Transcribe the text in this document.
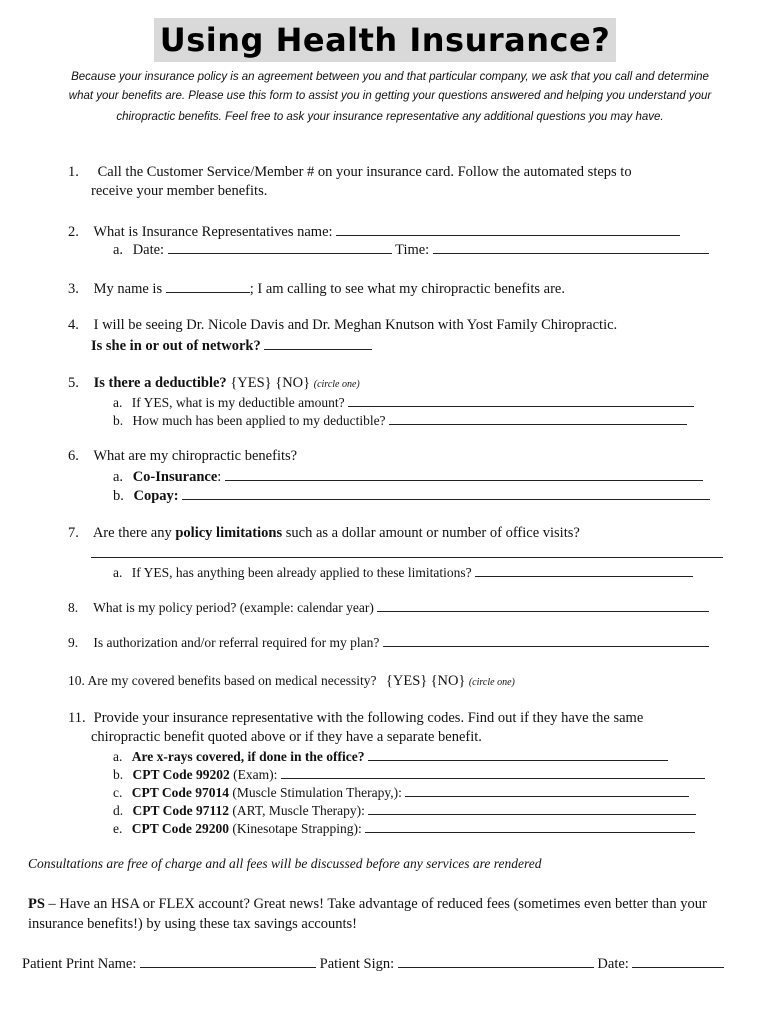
Using Health Insurance?
Because your insurance policy is an agreement between you and that particular company, we ask that you call and determine
what your benefits are. Please use this form to assist you in getting your questions answered and helping you understand your

chiropractic benefits. Feel free to ask your insurance representative any additional questions you may have.
1. Call the Customer Service/Member # on your insurance card. Follow the automated steps to
receive your member benefits.
2. What is Insurance Representatives name:
a. Date:	Time:
3. My name is	; I am calling to see what my chiropractic benefits are.
4. I will be seeing Dr. Nicole Davis and Dr. Meghan Knutson with Yost Family Chiropractic.
Is she in or out of network?
5. Is there a deductible? {YES} {NO} (circle one)
a. If YES, what is my deductible amount?
b. How much has been applied to my deductible?
6. What are my chiropractic benefits?
a. Co-Insurance:
b. Copay:
7. Are there any policy limitations such as a dollar amount or number of office visits?
a. If YES, has anything been already applied to these limitations?
8. What is my policy period? (example: calendar year)
9. Is authorization and/or referral required for my plan?
10. Are my covered benefits based on medical necessity? {YES} {NO} (circle one)
11. Provide your insurance representative with the following codes. Find out if they have the same
chiropractic benefit quoted above or if they have a separate benefit.
a. Are x-rays covered, if done in the office?
b. CPT Code 99202 (Exam):
c. CPT Code 97014 (Muscle Stimulation Therapy,):
d. CPT Code 97112 (ART, Muscle Therapy):
e. CPT Code 29200 (Kinesotape Strapping):
Consultations are free of charge and all fees will be discussed before any services are rendered
PS – Have an HSA or FLEX account? Great news! Take advantage of reduced fees (sometimes even better than your insurance benefits!) by using these tax savings accounts!
Patient Print Name:	Patient Sign:	Date:
